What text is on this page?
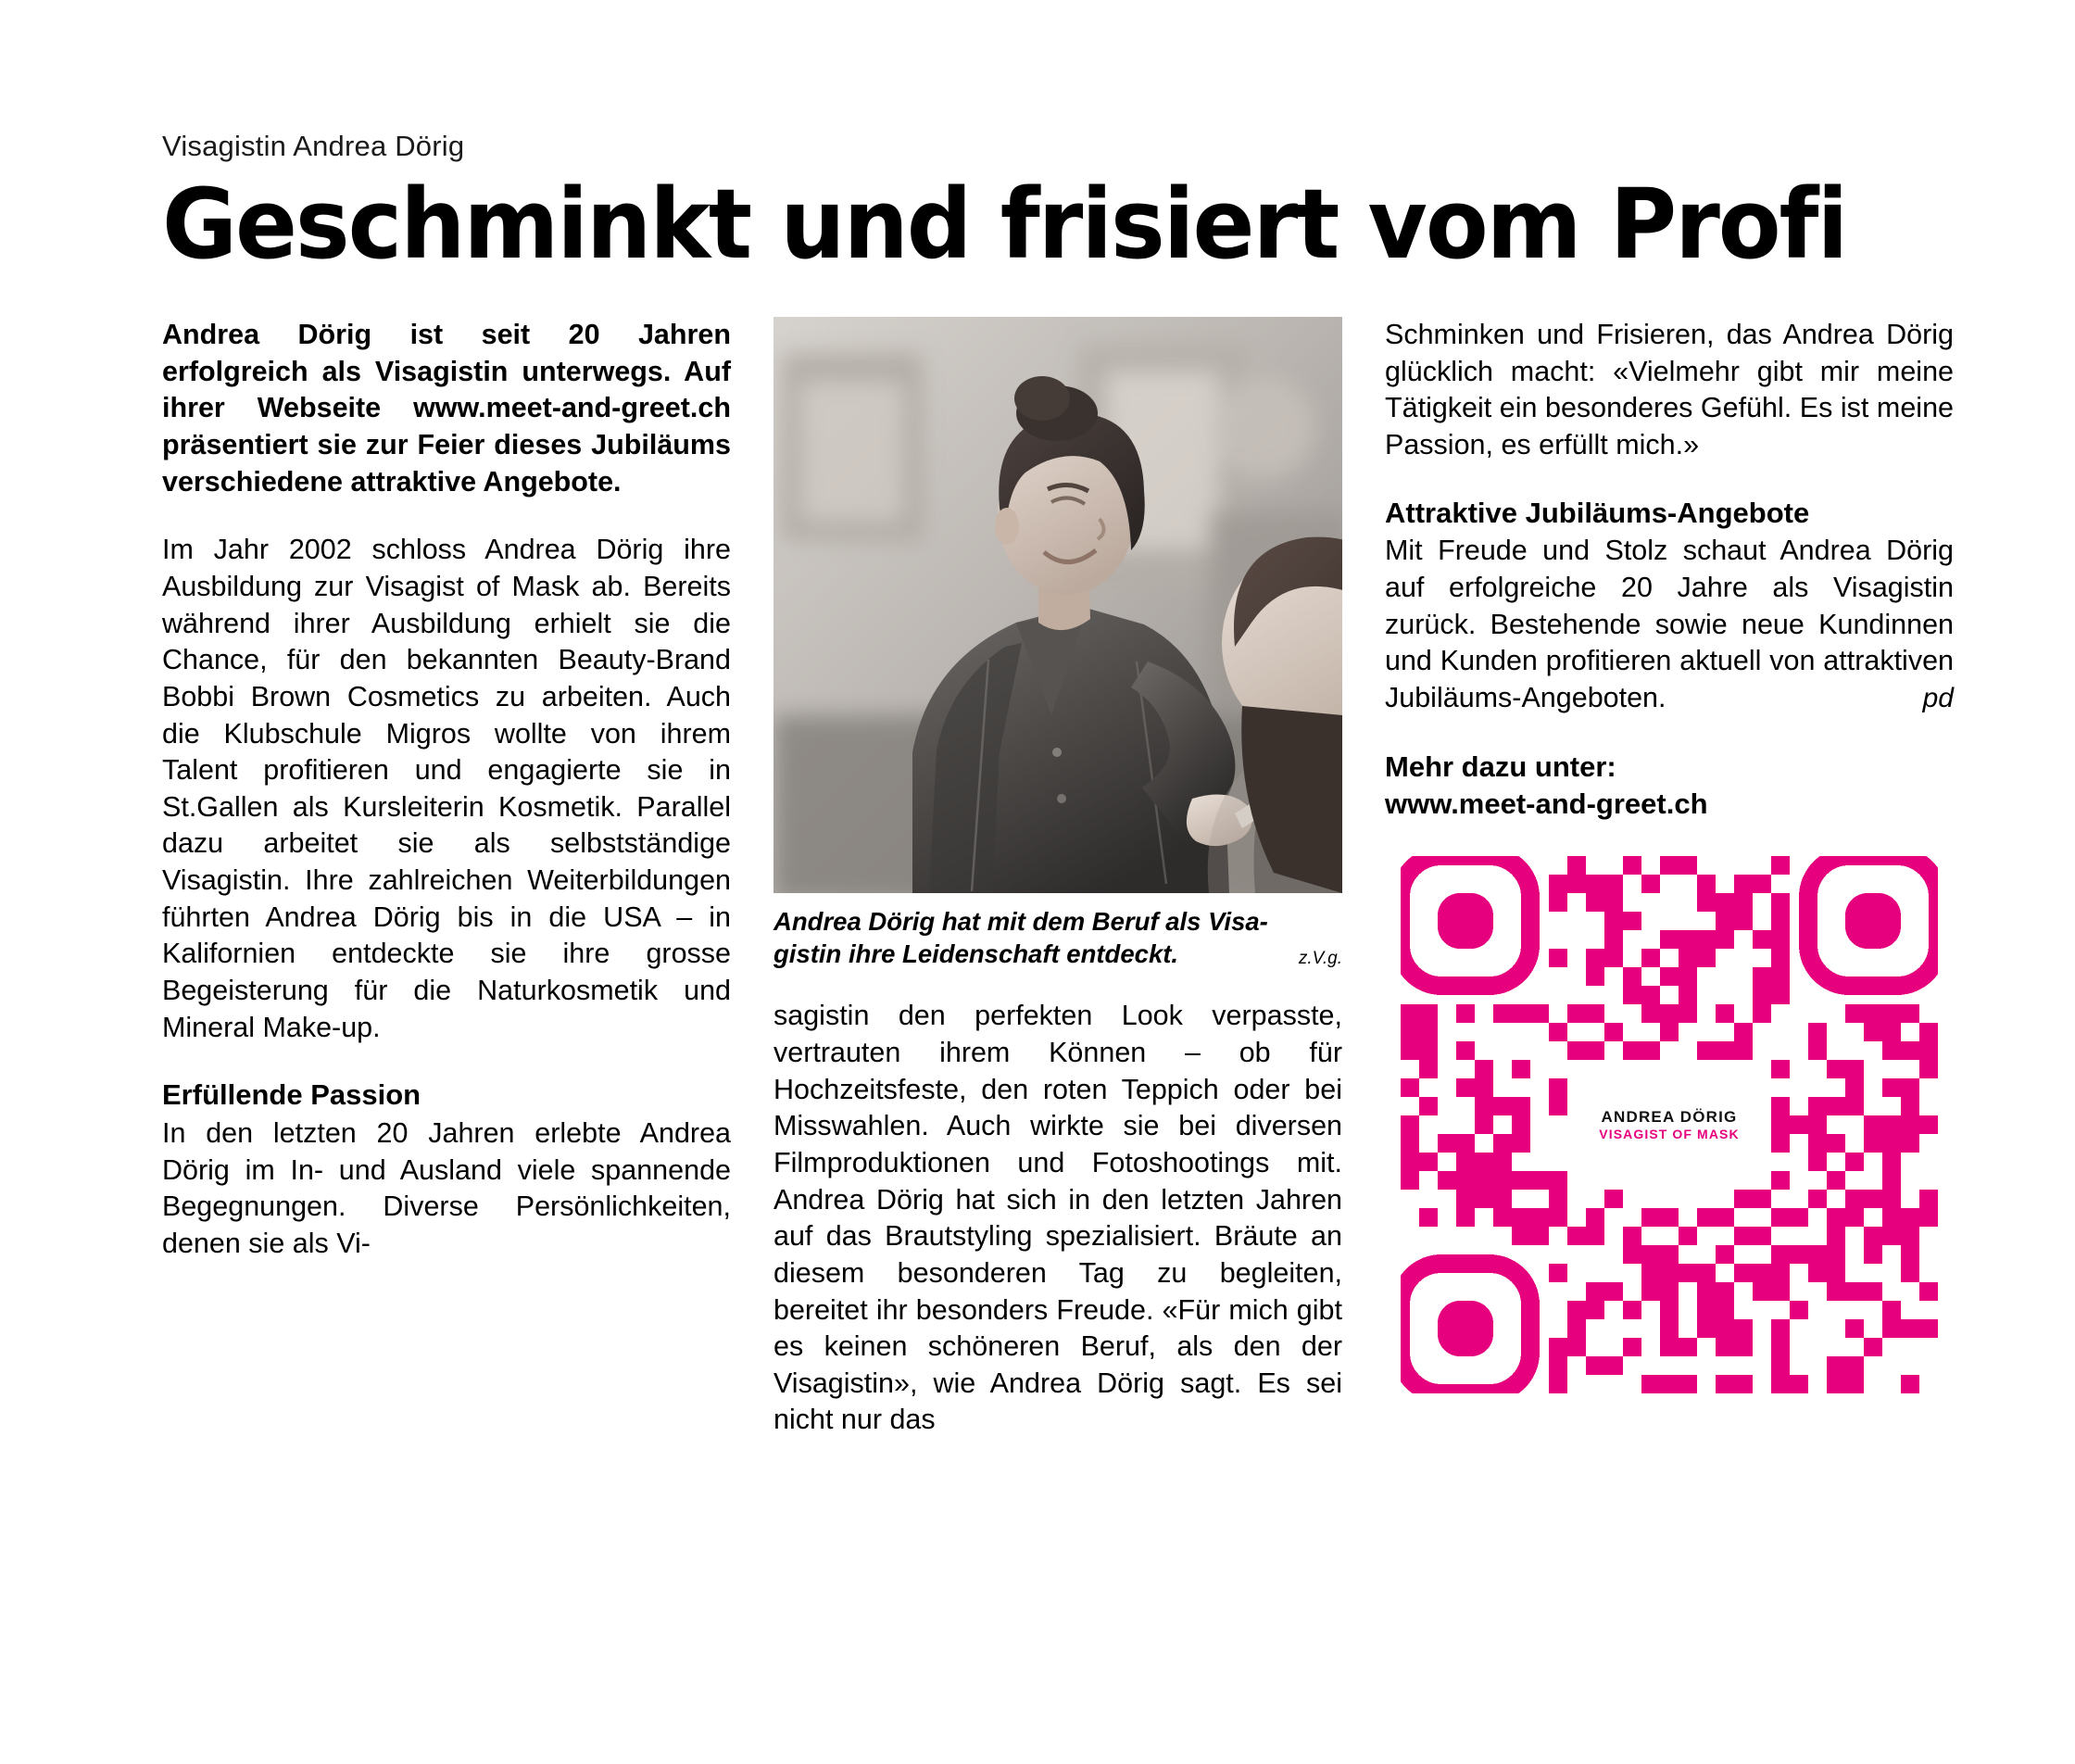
Visagistin Andrea Dörig
Geschminkt und frisiert vom Profi

Andrea Dörig ist seit 20 Jahren erfolgreich als Visagistin unterwegs. Auf ihrer Webseite www.meet-and-greet.ch präsentiert sie zur Feier dieses Jubiläums verschiedene attraktive Angebote.

Im Jahr 2002 schloss Andrea Dörig ihre Ausbildung zur Visagist of Mask ab. Bereits während ihrer Ausbildung erhielt sie die Chance, für den bekannten Beauty-Brand Bobbi Brown Cosmetics zu arbeiten. Auch die Klubschule Migros wollte von ihrem Talent profitieren und engagierte sie in St.Gallen als Kursleiterin Kosmetik. Parallel dazu arbeitet sie als selbstständige Visagistin. Ihre zahlreichen Weiterbildungen führten Andrea Dörig bis in die USA – in Kalifornien entdeckte sie ihre grosse Begeisterung für die Naturkosmetik und Mineral Make-up.

Erfüllende Passion

In den letzten 20 Jahren erlebte Andrea Dörig im In- und Ausland viele spannende Begegnungen. Diverse Persönlichkeiten, denen sie als Vi-

Andrea Dörig hat mit dem Beruf als Visa-
gistin ihre Leidenschaft entdeckt.	z.V.g.

sagistin den perfekten Look verpasste, vertrauten ihrem Können – ob für Hochzeitsfeste, den roten Teppich oder bei Misswahlen. Auch wirkte sie bei diversen Filmproduktionen und Fotoshootings mit. Andrea Dörig hat sich in den letzten Jahren auf das Brautstyling spezialisiert. Bräute an diesem besonderen Tag zu begleiten, bereitet ihr besonders Freude. «Für mich gibt es keinen schöneren Beruf, als den der Visagistin», wie Andrea Dörig sagt. Es sei nicht nur das

Schminken und Frisieren, das Andrea Dörig glücklich macht: «Vielmehr gibt mir meine Tätigkeit ein besonderes Gefühl. Es ist meine Passion, es erfüllt mich.»

Attraktive Jubiläums-Angebote

Mit Freude und Stolz schaut Andrea Dörig auf erfolgreiche 20 Jahre als Visagistin zurück. Bestehende sowie neue Kundinnen und Kunden profitieren aktuell von attraktiven Jubiläums-Angeboten.	pd

Mehr dazu unter:
www.meet-and-greet.ch
ANDREA DÖRIG
VISAGIST OF MASK
